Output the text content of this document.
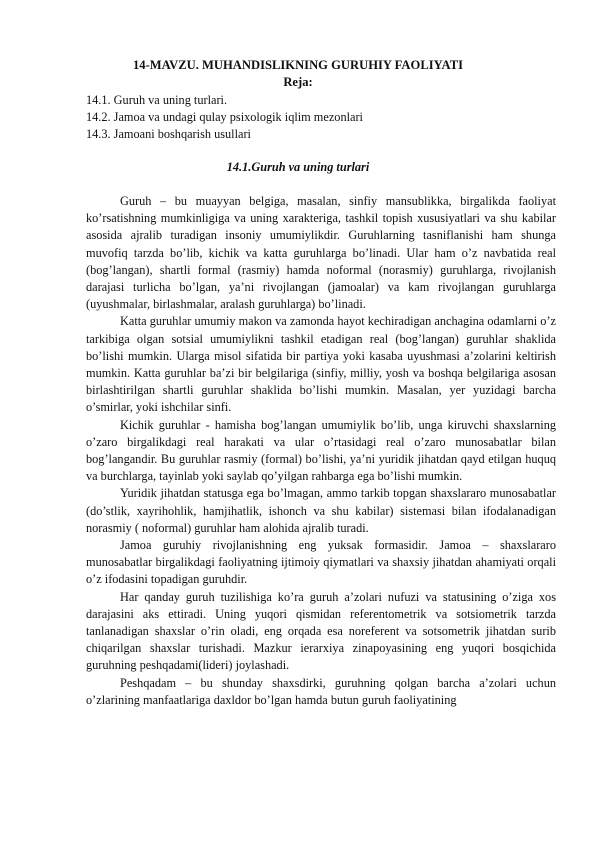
14-MAVZU. MUHANDISLIKNING GURUHIY FAOLIYATI
Reja:
14.1. Guruh va uning turlari.
14.2. Jamoa va undagi qulay psixologik iqlim mezonlari
14.3. Jamoani boshqarish usullari
14.1.Guruh va uning turlari

Guruh – bu muayyan belgiga, masalan, sinfiy mansublikka, birgalikda faoliyat ko’rsatishning mumkinligiga va uning xarakteriga, tashkil topish xususiyatlari va shu kabilar asosida ajralib turadigan insoniy umumiylikdir. Guruhlarning tasniflanishi ham shunga muvofiq tarzda bo’lib, kichik va katta guruhlarga bo’linadi. Ular ham o’z navbatida real (bog’langan), shartli formal (rasmiy) hamda noformal (norasmiy) guruhlarga, rivojlanish darajasi turlicha bo’lgan, ya’ni rivojlangan (jamoalar) va kam rivojlangan guruhlarga (uyushmalar, birlashmalar, aralash guruhlarga) bo’linadi.

Katta guruhlar umumiy makon va zamonda hayot kechiradigan anchagina odamlarni o’z tarkibiga olgan sotsial umumiylikni tashkil etadigan real (bog’langan) guruhlar shaklida bo’lishi mumkin. Ularga misol sifatida bir partiya yoki kasaba uyushmasi a’zolarini keltirish mumkin. Katta guruhlar ba’zi bir belgilariga (sinfiy, milliy, yosh va boshqa belgilariga asosan birlashtirilgan shartli guruhlar shaklida bo’lishi mumkin. Masalan, yer yuzidagi barcha o’smirlar, yoki ishchilar sinfi.

Kichik guruhlar - hamisha bog’langan umumiylik bo’lib, unga kiruvchi shaxslarning o’zaro birgalikdagi real harakati va ular o’rtasidagi real o’zaro munosabatlar bilan bog’langandir. Bu guruhlar rasmiy (formal) bo’lishi, ya’ni yuridik jihatdan qayd etilgan huquq va burchlarga, tayinlab yoki saylab qo’yilgan rahbarga ega bo’lishi mumkin.

Yuridik jihatdan statusga ega bo’lmagan, ammo tarkib topgan shaxslararo munosabatlar (do’stlik, xayrihohlik, hamjihatlik, ishonch va shu kabilar) sistemasi bilan ifodalanadigan norasmiy ( noformal) guruhlar ham alohida ajralib turadi.

Jamoa guruhiy rivojlanishning eng yuksak formasidir. Jamoa – shaxslararo munosabatlar birgalikdagi faoliyatning ijtimoiy qiymatlari va shaxsiy jihatdan ahamiyati orqali o’z ifodasini topadigan guruhdir.

Har qanday guruh tuzilishiga ko’ra guruh a’zolari nufuzi va statusining o’ziga xos darajasini aks ettiradi. Uning yuqori qismidan referentometrik va sotsiometrik tarzda tanlanadigan shaxslar o’rin oladi, eng orqada esa noreferent va sotsometrik jihatdan surib chiqarilgan shaxslar turishadi. Mazkur ierarxiya zinapoyasining eng yuqori bosqichida guruhning peshqadami(lideri) joylashadi.

Peshqadam – bu shunday shaxsdirki, guruhning qolgan barcha a’zolari uchun o’zlarining manfaatlariga daxldor bo’lgan hamda butun guruh faoliyatining
